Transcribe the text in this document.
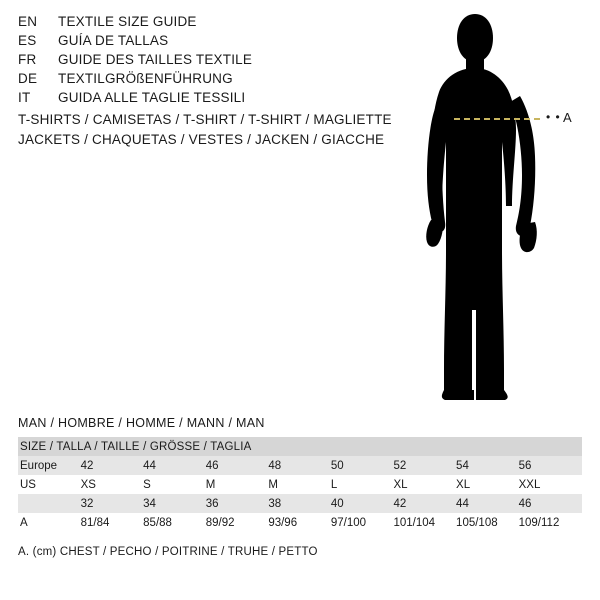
EN	TEXTILE SIZE GUIDE
ES	GUÍA DE TALLAS
FR	GUIDE DES TAILLES TEXTILE
DE	TEXTILGRÖßENFÜHRUNG
IT	GUIDA ALLE TAGLIE TESSILI
T-SHIRTS / CAMISETAS / T-SHIRT / T-SHIRT / MAGLIETTE
JACKETS / CHAQUETAS / VESTES / JACKEN / GIACCHE
• • A
MAN / HOMBRE / HOMME / MANN / MAN
SIZE / TALLA / TAILLE / GRÖSSE / TAGLIA								
Europe	42	44	46	48	50	52	54	56
US	XS	S	M	M	L	XL	XL	XXL
	32	34	36	38	40	42	44	46
A	81/84	85/88	89/92	93/96	97/100	101/104	105/108	109/112
A. (cm) CHEST / PECHO / POITRINE / TRUHE / PETTO
